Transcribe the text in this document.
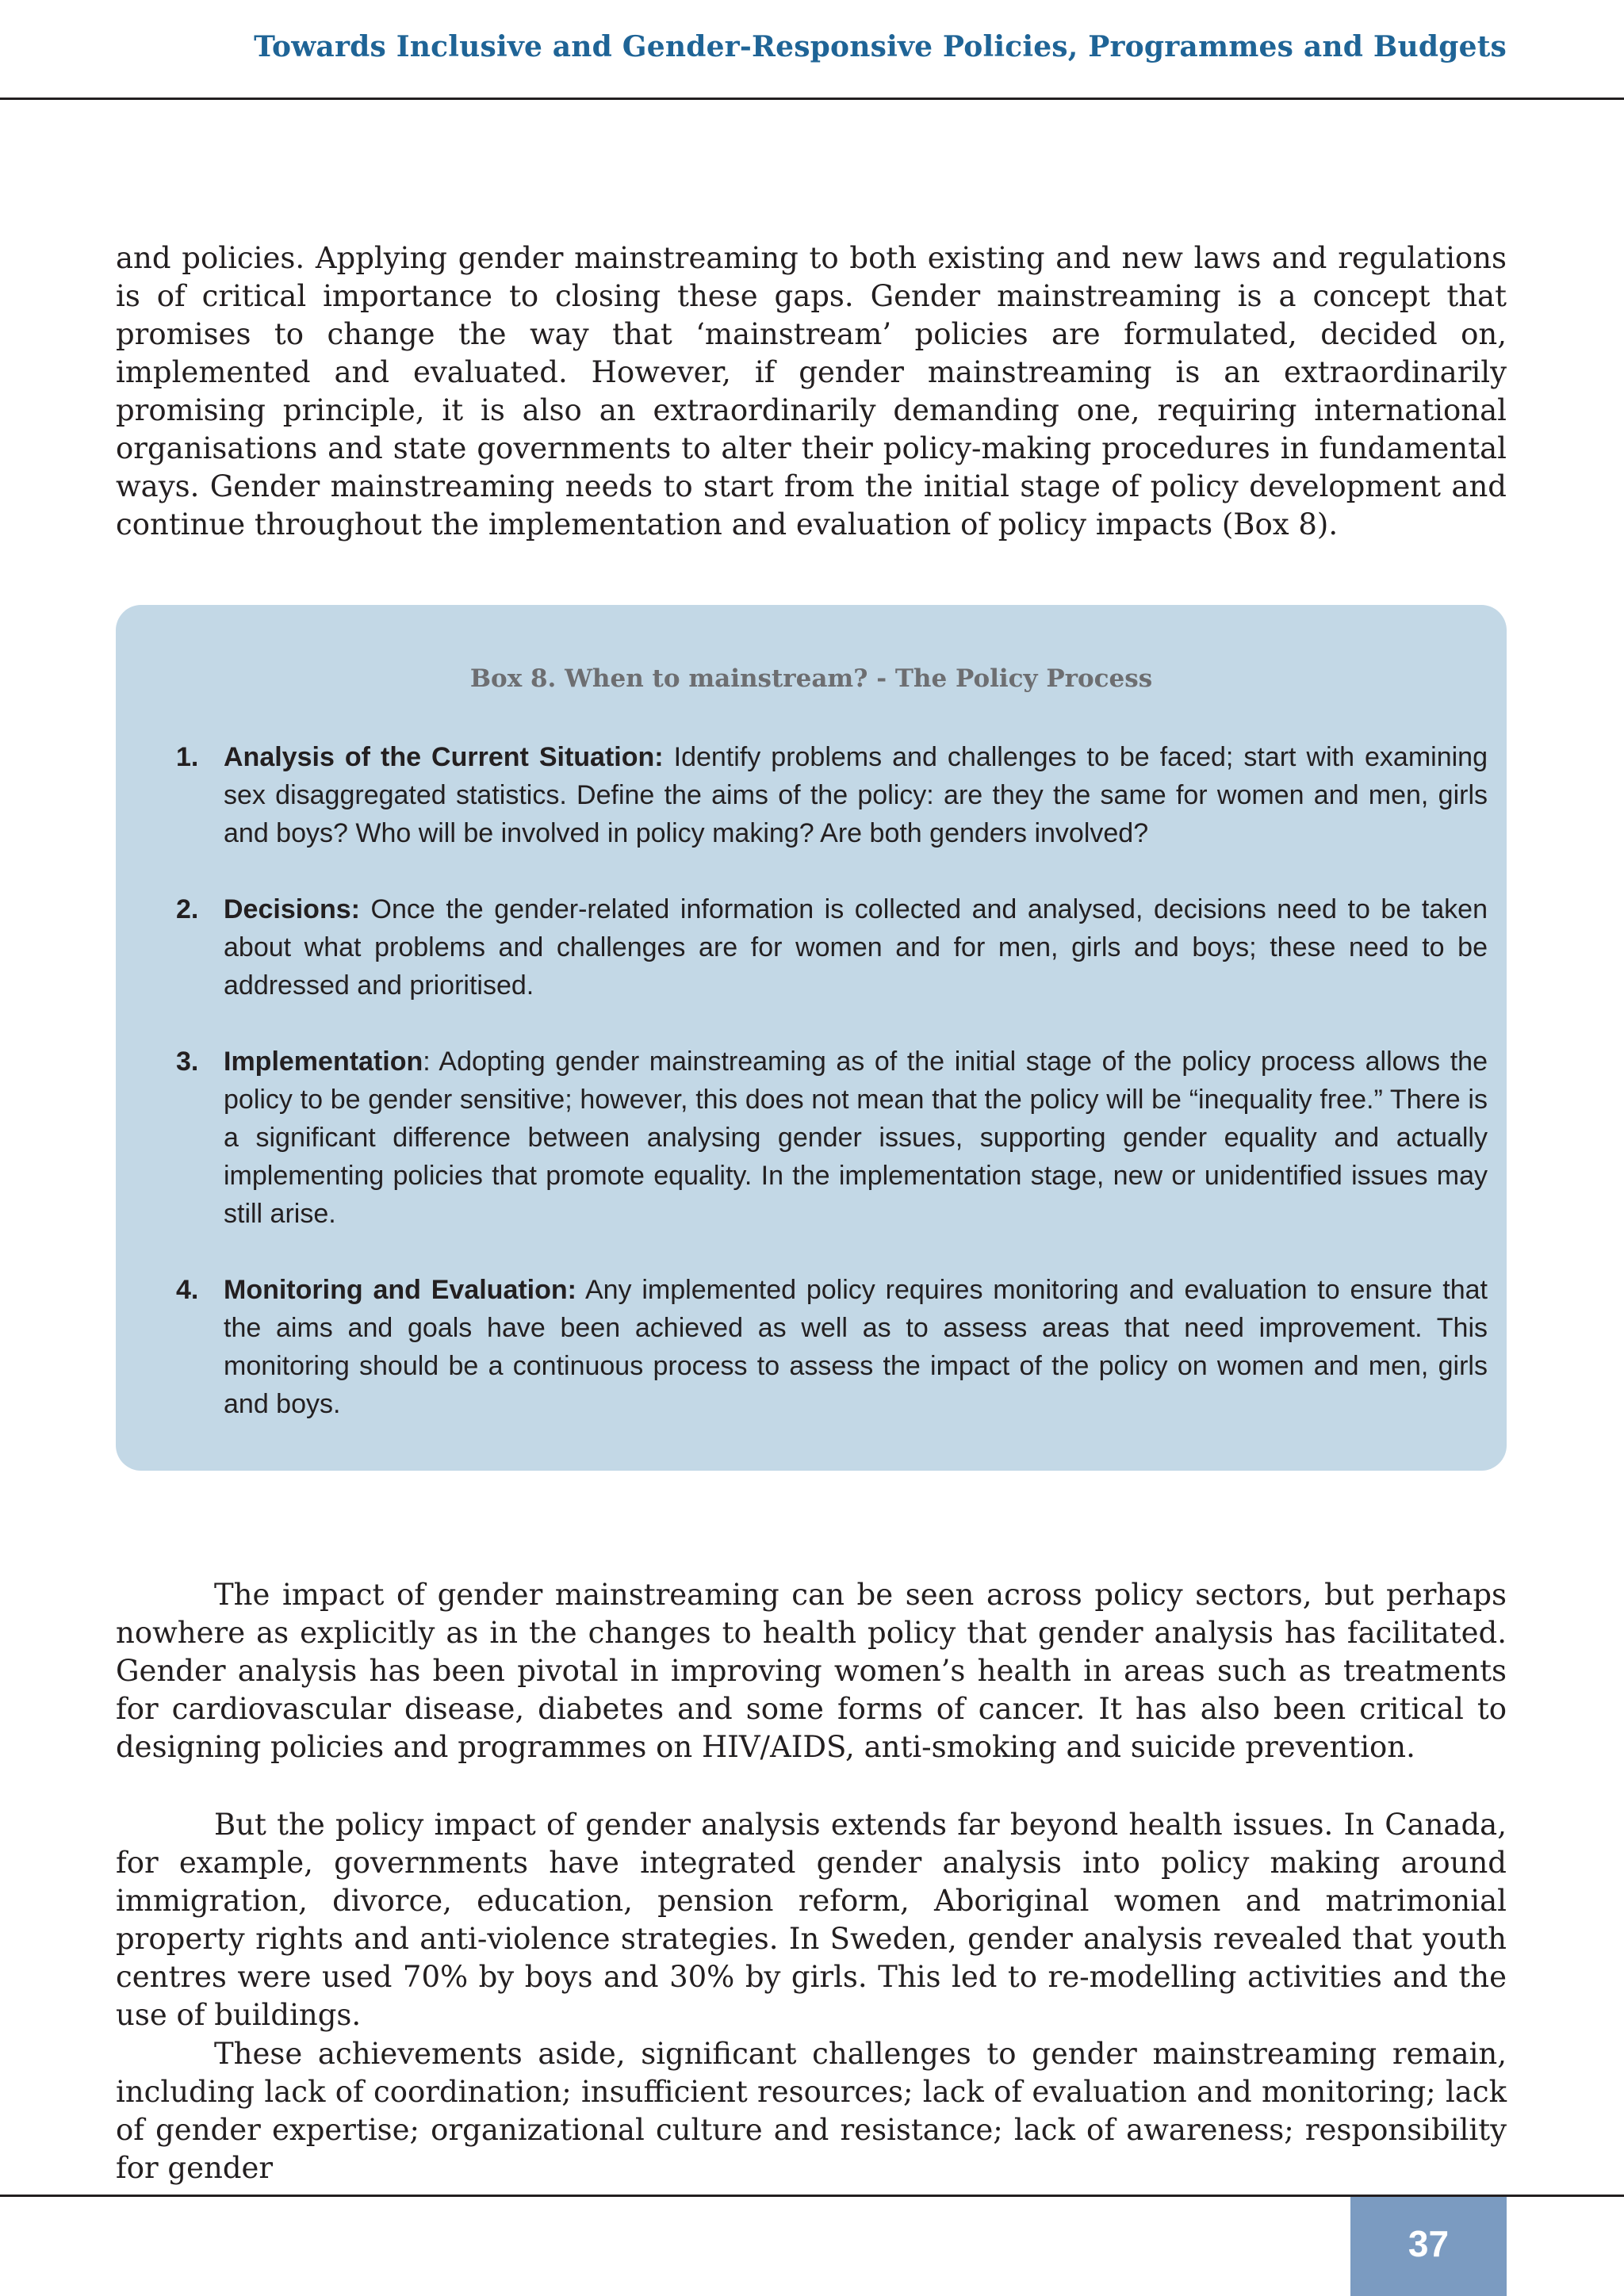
Towards Inclusive and Gender-Responsive Policies, Programmes and Budgets

and policies. Applying gender mainstreaming to both existing and new laws and regulations is of critical importance to closing these gaps. Gender mainstreaming is a concept that promises to change the way that ‘mainstream’ policies are formulated, decided on, implemented and evaluated. However, if gender mainstreaming is an extraordinarily promising principle, it is also an extraordinarily demanding one, requiring international organisations and state governments to alter their policy-making procedures in fundamental ways. Gender mainstreaming needs to start from the initial stage of policy development and continue throughout the implementation and evaluation of policy impacts (Box 8).

Box 8. When to mainstream? - The Policy Process
1. Analysis of the Current Situation: Identify problems and challenges to be faced; start with examining sex disaggregated statistics. Define the aims of the policy: are they the same for women and men, girls and boys? Who will be involved in policy making? Are both genders involved?
2. Decisions: Once the gender-related information is collected and analysed, decisions need to be taken about what problems and challenges are for women and for men, girls and boys; these need to be addressed and prioritised.
3. Implementation: Adopting gender mainstreaming as of the initial stage of the policy process allows the policy to be gender sensitive; however, this does not mean that the policy will be “inequality free.” There is a significant difference between analysing gender issues, supporting gender equality and actually implementing policies that promote equality. In the implementation stage, new or unidentified issues may still arise.
4. Monitoring and Evaluation: Any implemented policy requires monitoring and evaluation to ensure that the aims and goals have been achieved as well as to assess areas that need improvement. This monitoring should be a continuous process to assess the impact of the policy on women and men, girls and boys.

The impact of gender mainstreaming can be seen across policy sectors, but perhaps nowhere as explicitly as in the changes to health policy that gender analysis has facilitated. Gender analysis has been pivotal in improving women’s health in areas such as treatments for cardiovascular disease, diabetes and some forms of cancer. It has also been critical to designing policies and programmes on HIV/AIDS, anti-smoking and suicide prevention.

But the policy impact of gender analysis extends far beyond health issues. In Canada, for example, governments have integrated gender analysis into policy making around immigration, divorce, education, pension reform, Aboriginal women and matrimonial property rights and anti-violence strategies. In Sweden, gender analysis revealed that youth centres were used 70% by boys and 30% by girls. This led to re-modelling activities and the use of buildings.

These achievements aside, significant challenges to gender mainstreaming remain, including lack of coordination; insufficient resources; lack of evaluation and monitoring; lack of gender expertise; organizational culture and resistance; lack of awareness; responsibility for gender

37
